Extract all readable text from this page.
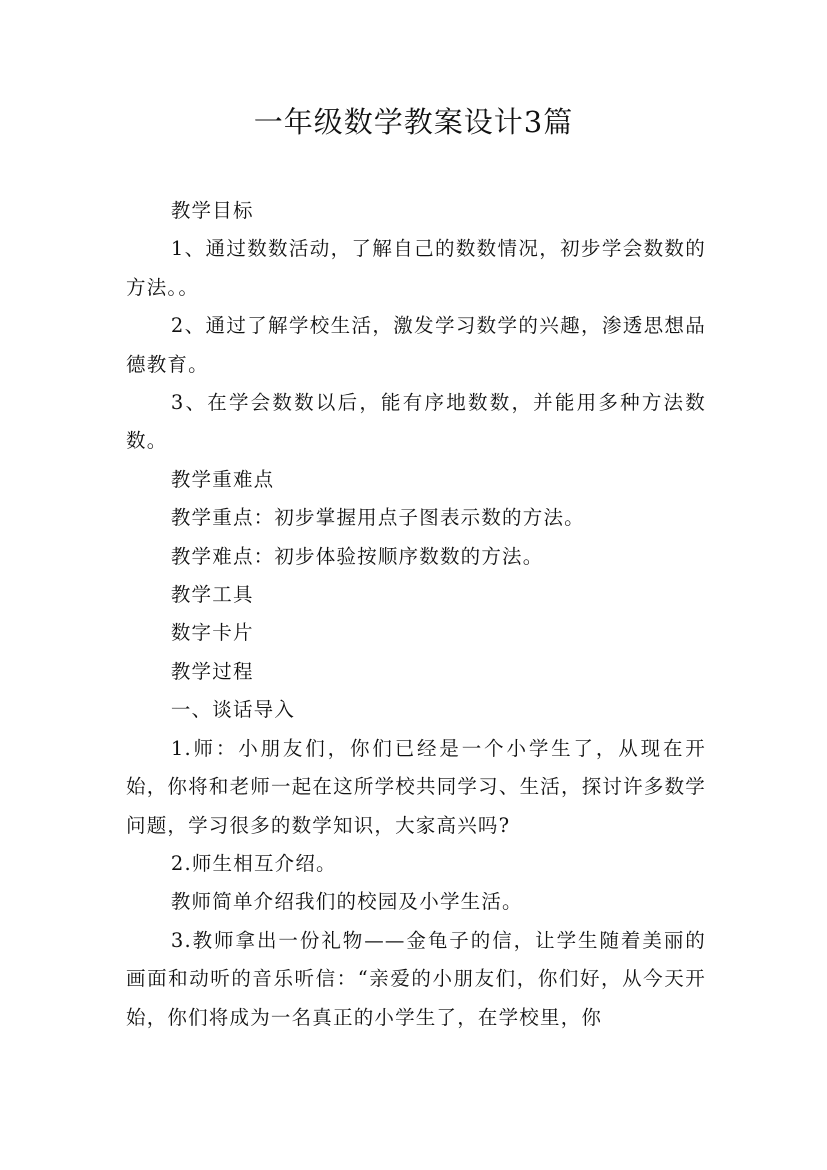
一年级数学教案设计3篇

教学目标

1、通过数数活动，了解自己的数数情况，初步学会数数的方法。。

2、通过了解学校生活，激发学习数学的兴趣，渗透思想品德教育。

3、在学会数数以后，能有序地数数，并能用多种方法数数。

教学重难点

教学重点：初步掌握用点子图表示数的方法。

教学难点：初步体验按顺序数数的方法。

教学工具

数字卡片

教学过程

一、谈话导入

1.师：小朋友们，你们已经是一个小学生了，从现在开始，你将和老师一起在这所学校共同学习、生活，探讨许多数学问题，学习很多的数学知识，大家高兴吗?

2.师生相互介绍。

教师简单介绍我们的校园及小学生活。

3.教师拿出一份礼物——金龟子的信，让学生随着美丽的画面和动听的音乐听信：“亲爱的小朋友们，你们好，从今天开始，你们将成为一名真正的小学生了，在学校里，你
